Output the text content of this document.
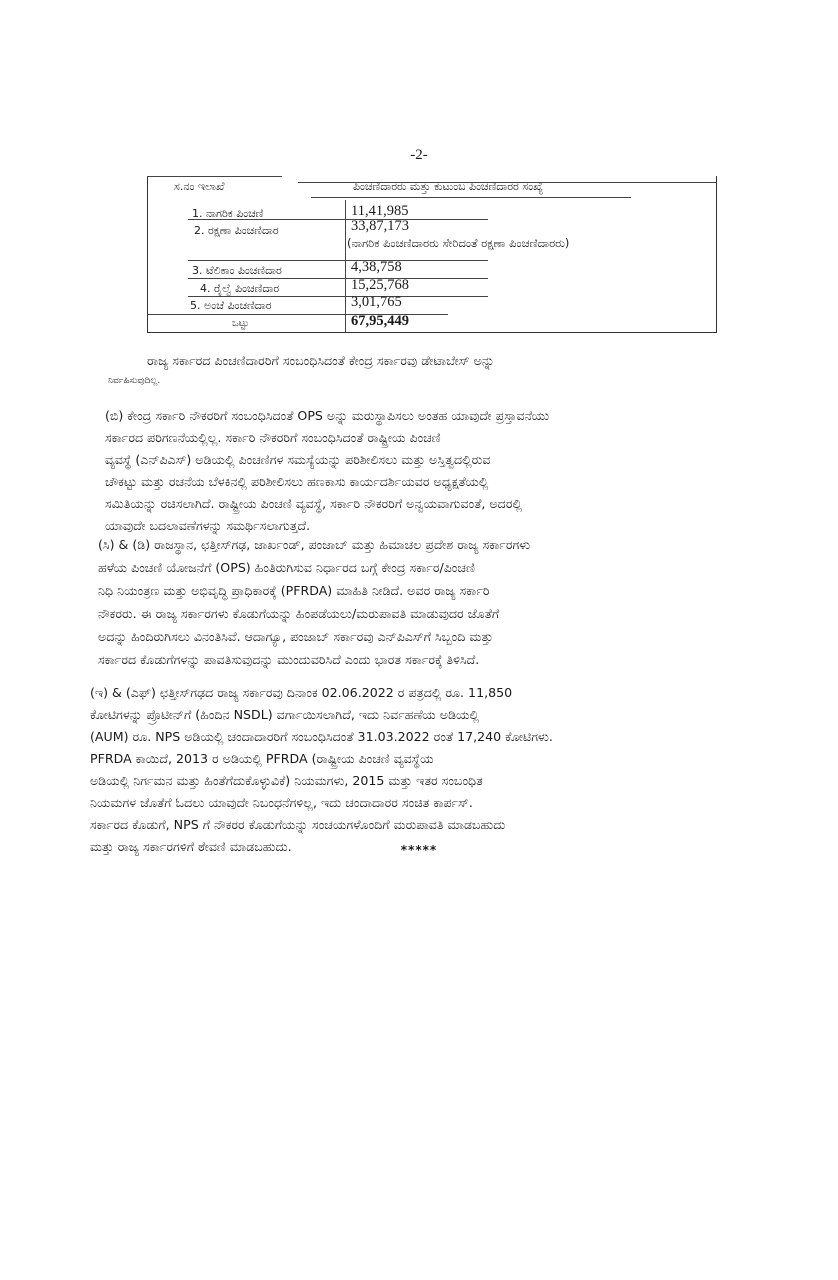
-2-
ಸ.ನಂ ಇಲಾಖೆ	ಪಿಂಚಣಿದಾರರು ಮತ್ತು ಕುಟುಂಬ ಪಿಂಚಣಿದಾರರ ಸಂಖ್ಯೆ
1. ನಾಗರಿಕ ಪಿಂಚಣಿ	11,41,985
2. ರಕ್ಷಣಾ ಪಿಂಚಣಿದಾರ	33,87,173
(ನಾಗರಿಕ ಪಿಂಚಣಿದಾರರು ಸೇರಿದಂತೆ ರಕ್ಷಣಾ ಪಿಂಚಣಿದಾರರು)
3. ಟೆಲಿಕಾಂ ಪಿಂಚಣಿದಾರ	4,38,758
4. ರೈಲ್ವೆ ಪಿಂಚಣಿದಾರ	15,25,768
5. ಅಂಚೆ ಪಿಂಚಣಿದಾರ	3,01,765
ಒಟ್ಟು	67,95,449
ರಾಜ್ಯ ಸರ್ಕಾರದ ಪಿಂಚಣಿದಾರರಿಗೆ ಸಂಬಂಧಿಸಿದಂತೆ ಕೇಂದ್ರ ಸರ್ಕಾರವು ಡೇಟಾಬೇಸ್ ಅನ್ನು
ನಿರ್ವಹಿಸುವುದಿಲ್ಲ.
(ಬಿ) ಕೇಂದ್ರ ಸರ್ಕಾರಿ ನೌಕರರಿಗೆ ಸಂಬಂಧಿಸಿದಂತೆ OPS ಅನ್ನು ಮರುಸ್ಥಾಪಿಸಲು ಅಂತಹ ಯಾವುದೇ ಪ್ರಸ್ತಾವನೆಯು
ಸರ್ಕಾರದ ಪರಿಗಣನೆಯಲ್ಲಿಲ್ಲ. ಸರ್ಕಾರಿ ನೌಕರರಿಗೆ ಸಂಬಂಧಿಸಿದಂತೆ ರಾಷ್ಟ್ರೀಯ ಪಿಂಚಣಿ
ವ್ಯವಸ್ಥೆ (ಎನ್‌ಪಿಎಸ್) ಅಡಿಯಲ್ಲಿ ಪಿಂಚಣಿಗಳ ಸಮಸ್ಯೆಯನ್ನು ಪರಿಶೀಲಿಸಲು ಮತ್ತು ಅಸ್ತಿತ್ವದಲ್ಲಿರುವ
ಚೌಕಟ್ಟು ಮತ್ತು ರಚನೆಯ ಬೆಳಕಿನಲ್ಲಿ ಪರಿಶೀಲಿಸಲು ಹಣಕಾಸು ಕಾರ್ಯದರ್ಶಿಯವರ ಅಧ್ಯಕ್ಷತೆಯಲ್ಲಿ
ಸಮಿತಿಯನ್ನು ರಚಿಸಲಾಗಿದೆ. ರಾಷ್ಟ್ರೀಯ ಪಿಂಚಣಿ ವ್ಯವಸ್ಥೆ, ಸರ್ಕಾರಿ ನೌಕರರಿಗೆ ಅನ್ವಯವಾಗುವಂತೆ, ಅದರಲ್ಲಿ
ಯಾವುದೇ ಬದಲಾವಣೆಗಳನ್ನು ಸಮರ್ಥಿಸಲಾಗುತ್ತದೆ.
(ಸಿ) & (ಡಿ) ರಾಜಸ್ಥಾನ, ಛತ್ತೀಸ್‌ಗಢ, ಜಾರ್ಖಂಡ್, ಪಂಜಾಬ್ ಮತ್ತು ಹಿಮಾಚಲ ಪ್ರದೇಶ ರಾಜ್ಯ ಸರ್ಕಾರಗಳು
ಹಳೆಯ ಪಿಂಚಣಿ ಯೋಜನೆಗೆ (OPS) ಹಿಂತಿರುಗಿಸುವ ನಿರ್ಧಾರದ ಬಗ್ಗೆ ಕೇಂದ್ರ ಸರ್ಕಾರ/ಪಿಂಚಣಿ
ನಿಧಿ ನಿಯಂತ್ರಣ ಮತ್ತು ಅಭಿವೃದ್ಧಿ ಪ್ರಾಧಿಕಾರಕ್ಕೆ (PFRDA) ಮಾಹಿತಿ ನೀಡಿದೆ. ಅವರ ರಾಜ್ಯ ಸರ್ಕಾರಿ
ನೌಕರರು. ಈ ರಾಜ್ಯ ಸರ್ಕಾರಗಳು ಕೊಡುಗೆಯನ್ನು ಹಿಂಪಡೆಯಲು/ಮರುಪಾವತಿ ಮಾಡುವುದರ ಜೊತೆಗೆ
ಅದನ್ನು ಹಿಂದಿರುಗಿಸಲು ವಿನಂತಿಸಿವೆ. ಆದಾಗ್ಯೂ, ಪಂಜಾಬ್ ಸರ್ಕಾರವು ಎನ್‌ಪಿಎಸ್‌ಗೆ ಸಿಬ್ಬಂದಿ ಮತ್ತು
ಸರ್ಕಾರದ ಕೊಡುಗೆಗಳನ್ನು ಪಾವತಿಸುವುದನ್ನು ಮುಂದುವರಿಸಿದೆ ಎಂದು ಭಾರತ ಸರ್ಕಾರಕ್ಕೆ ತಿಳಿಸಿದೆ.
(ಇ) & (ಎಫ್) ಛತ್ತೀಸ್‌ಗಢದ ರಾಜ್ಯ ಸರ್ಕಾರವು ದಿನಾಂಕ 02.06.2022 ರ ಪತ್ರದಲ್ಲಿ ರೂ. 11,850
ಕೋಟಿಗಳನ್ನು ಪ್ರೊಟೀನ್‌ಗೆ (ಹಿಂದಿನ NSDL) ವರ್ಗಾಯಿಸಲಾಗಿದೆ, ಇದು ನಿರ್ವಹಣೆಯ ಅಡಿಯಲ್ಲಿ
(AUM) ರೂ. NPS ಅಡಿಯಲ್ಲಿ ಚಂದಾದಾರರಿಗೆ ಸಂಬಂಧಿಸಿದಂತೆ 31.03.2022 ರಂತೆ 17,240 ಕೋಟಿಗಳು.
PFRDA ಕಾಯಿದೆ, 2013 ರ ಅಡಿಯಲ್ಲಿ PFRDA (ರಾಷ್ಟ್ರೀಯ ಪಿಂಚಣಿ ವ್ಯವಸ್ಥೆಯ
ಅಡಿಯಲ್ಲಿ ನಿರ್ಗಮನ ಮತ್ತು ಹಿಂತೆಗೆದುಕೊಳ್ಳುವಿಕೆ) ನಿಯಮಗಳು, 2015 ಮತ್ತು ಇತರ ಸಂಬಂಧಿತ
ನಿಯಮಗಳ ಜೊತೆಗೆ ಓದಲು ಯಾವುದೇ ನಿಬಂಧನೆಗಳಿಲ್ಲ, ಇದು ಚಂದಾದಾರರ ಸಂಚಿತ ಕಾರ್ಪಸ್.
ಸರ್ಕಾರದ ಕೊಡುಗೆ, NPS ಗೆ ನೌಕರರ ಕೊಡುಗೆಯನ್ನು ಸಂಚಯಗಳೊಂದಿಗೆ ಮರುಪಾವತಿ ಮಾಡಬಹುದು
ಮತ್ತು ರಾಜ್ಯ ಸರ್ಕಾರಗಳಿಗೆ ಠೇವಣಿ ಮಾಡಬಹುದು.	*****
